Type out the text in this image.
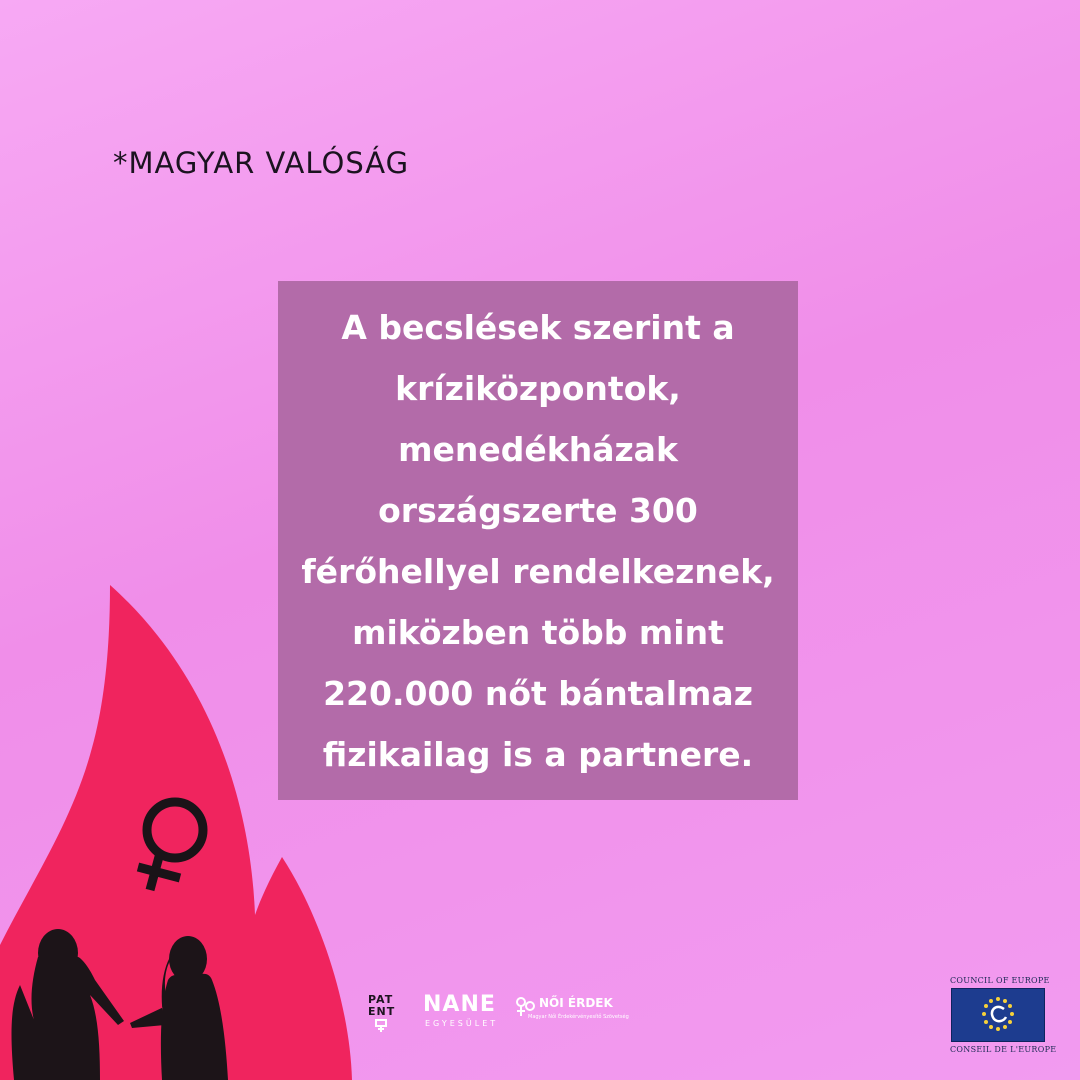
*MAGYAR VALÓSÁG
A becslések szerint a
kríziközpontok,
menedékházak
országszerte 300
férőhellyel rendelkeznek,
miközben több mint
220.000 nőt bántalmaz
fizikailag is a partnere.
PAT
ENT NANE
EGYESÜLET
NŐI ÉRDEK
Magyar Női Érdekérvényesítő Szövetség
COUNCIL OF EUROPE
CONSEIL DE L'EUROPE
